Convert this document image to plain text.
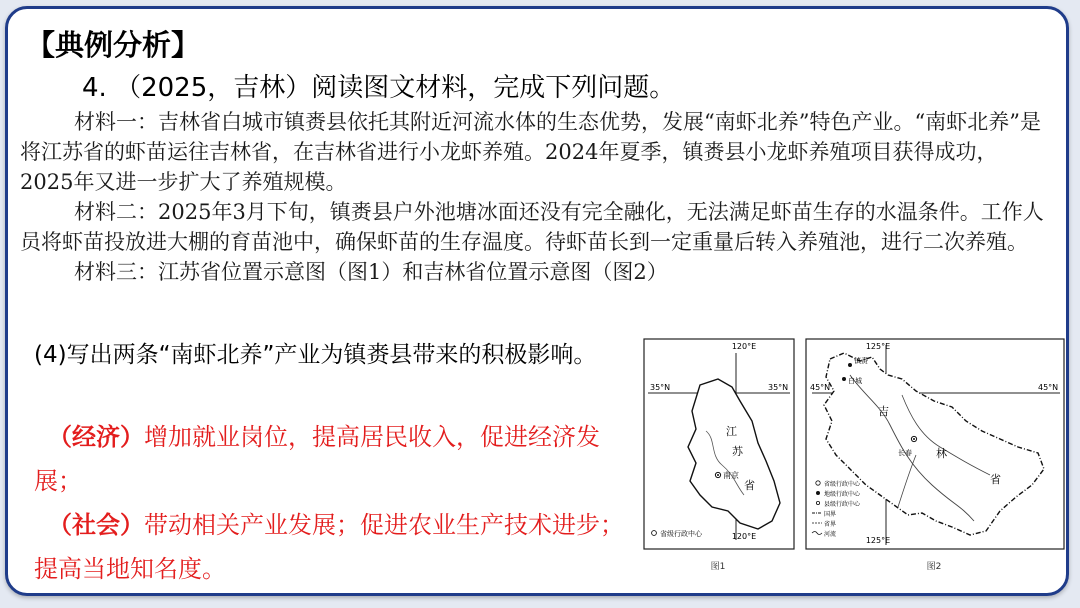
【典例分析】
4. （2025，吉林）阅读图文材料，完成下列问题。

材料一：吉林省白城市镇赉县依托其附近河流水体的生态优势，发展“南虾北养”特色产业。“南虾北养”是将江苏省的虾苗运往吉林省，在吉林省进行小龙虾养殖。2024年夏季，镇赉县小龙虾养殖项目获得成功，2025年又进一步扩大了养殖规模。

材料二：2025年3月下旬，镇赉县户外池塘冰面还没有完全融化，无法满足虾苗生存的水温条件。工作人员将虾苗投放进大棚的育苗池中，确保虾苗的生存温度。待虾苗长到一定重量后转入养殖池，进行二次养殖。

材料三：江苏省位置示意图（图1）和吉林省位置示意图（图2）

(4)写出两条“南虾北养”产业为镇赉县带来的积极影响。

（经济）增加就业岗位，提高居民收入，促进经济发展；

（社会）带动相关产业发展；促进农业生产技术进步；提高当地知名度。

120°E
120°E
35°N	35°N
江
苏
省
南京
省级行政中心
图1
125°E
125°E
45°N	45°N
吉
林
省
镇赉
白城
长春
省级行政中心
地级行政中心
县级行政中心
国界
省界
河流
图2
